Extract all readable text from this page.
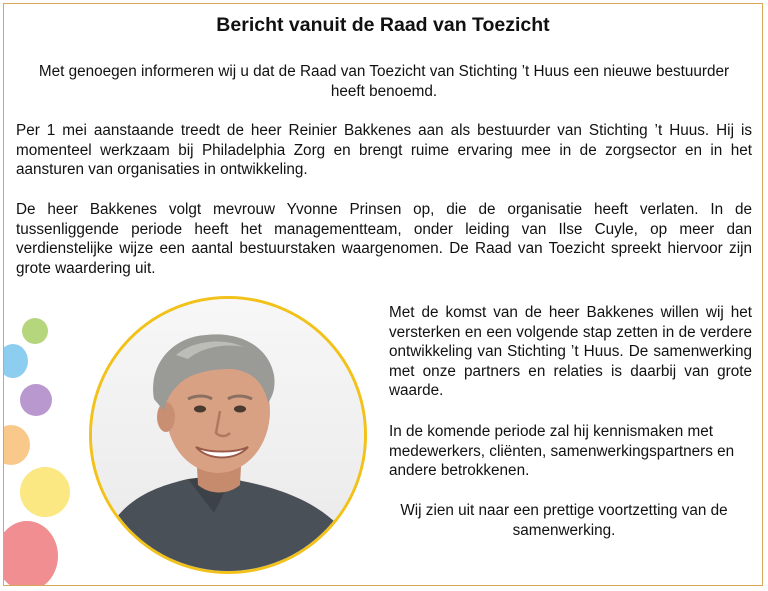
Bericht vanuit de Raad van Toezicht

Met genoegen informeren wij u dat de Raad van Toezicht van Stichting ’t Huus een nieuwe bestuurder heeft benoemd.

Per 1 mei aanstaande treedt de heer Reinier Bakkenes aan als bestuurder van Stichting ’t Huus. Hij is momenteel werkzaam bij Philadelphia Zorg en brengt ruime ervaring mee in de zorgsector en in het aansturen van organisaties in ontwikkeling.

De heer Bakkenes volgt mevrouw Yvonne Prinsen op, die de organisatie heeft verlaten. In de tussenliggende periode heeft het managementteam, onder leiding van Ilse Cuyle, op meer dan verdienstelijke wijze een aantal bestuurstaken waargenomen. De Raad van Toezicht spreekt hiervoor zijn grote waardering uit.

Met de komst van de heer Bakkenes willen wij het versterken en een volgende stap zetten in de verdere ontwikkeling van Stichting ’t Huus. De samenwerking met onze partners en relaties is daarbij van grote waarde.

In de komende periode zal hij kennismaken met medewerkers, cliënten, samenwerkingspartners en andere betrokkenen.

Wij zien uit naar een prettige voortzetting van de samenwerking.
